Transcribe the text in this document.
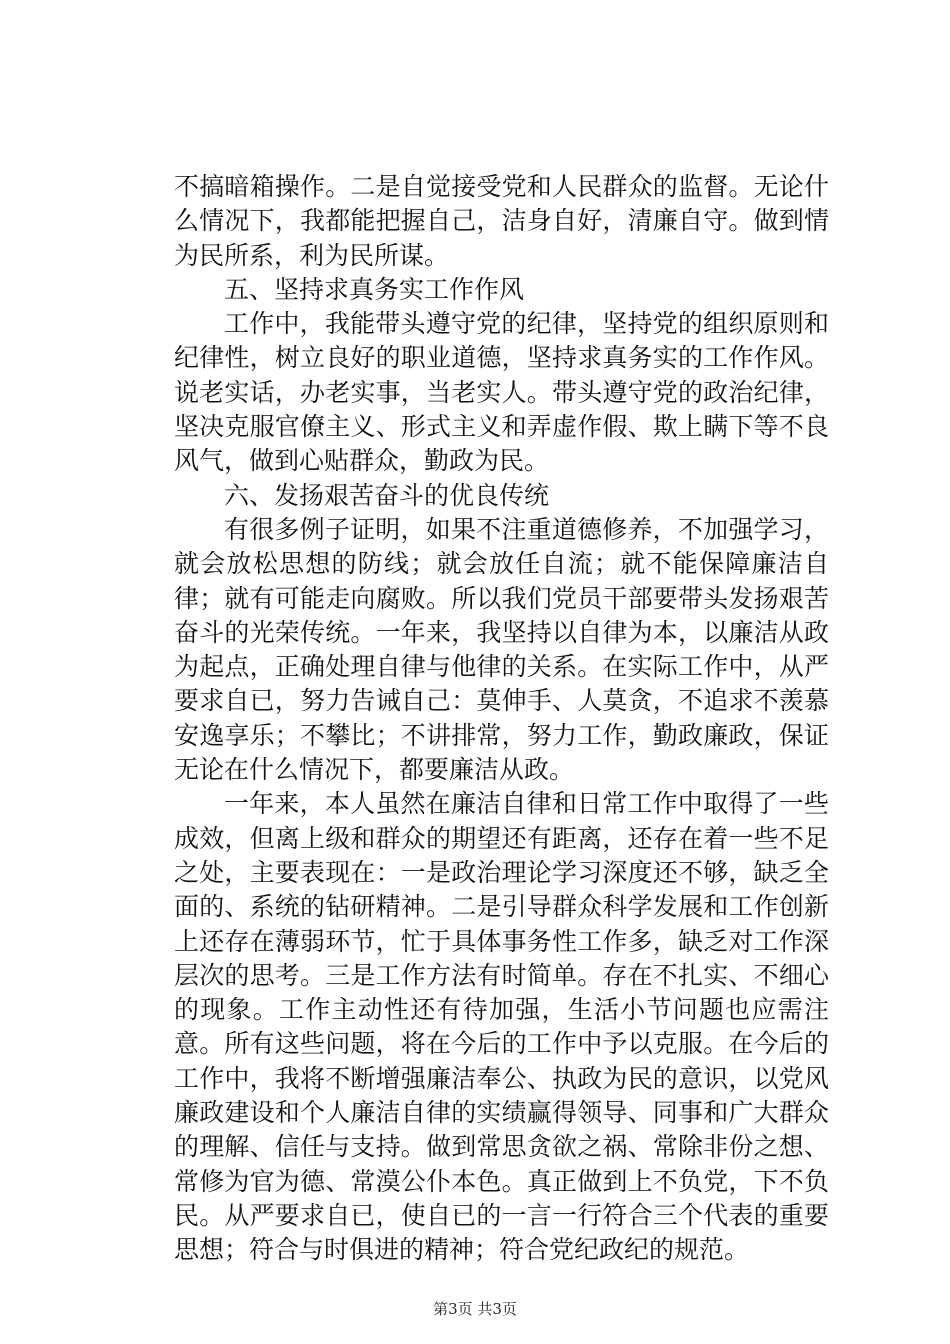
不搞暗箱操作。二是自觉接受党和人民群众的监督。无论什么情况下，我都能把握自己，洁身自好，清廉自守。做到情为民所系，利为民所谋。

五、坚持求真务实工作作风

工作中，我能带头遵守党的纪律，坚持党的组织原则和纪律性，树立良好的职业道德，坚持求真务实的工作作风。说老实话，办老实事，当老实人。带头遵守党的政治纪律，坚决克服官僚主义、形式主义和弄虚作假、欺上瞒下等不良风气，做到心贴群众，勤政为民。

六、发扬艰苦奋斗的优良传统

有很多例子证明，如果不注重道德修养，不加强学习，就会放松思想的防线；就会放任自流；就不能保障廉洁自律；就有可能走向腐败。所以我们党员干部要带头发扬艰苦奋斗的光荣传统。一年来，我坚持以自律为本，以廉洁从政为起点，正确处理自律与他律的关系。在实际工作中，从严要求自已，努力告诫自己：莫伸手、人莫贪，不追求不羡慕安逸享乐；不攀比；不讲排常，努力工作，勤政廉政，保证无论在什么情况下，都要廉洁从政。

一年来，本人虽然在廉洁自律和日常工作中取得了一些成效，但离上级和群众的期望还有距离，还存在着一些不足之处，主要表现在：一是政治理论学习深度还不够，缺乏全面的、系统的钻研精神。二是引导群众科学发展和工作创新上还存在薄弱环节，忙于具体事务性工作多，缺乏对工作深层次的思考。三是工作方法有时简单。存在不扎实、不细心的现象。工作主动性还有待加强，生活小节问题也应需注意。所有这些问题，将在今后的工作中予以克服。在今后的工作中，我将不断增强廉洁奉公、执政为民的意识，以党风廉政建设和个人廉洁自律的实绩赢得领导、同事和广大群众的理解、信任与支持。做到常思贪欲之祸、常除非份之想、常修为官为德、常漠公仆本色。真正做到上不负党，下不负民。从严要求自已，使自已的一言一行符合三个代表的重要思想；符合与时俱进的精神；符合党纪政纪的规范。

第3页 共3页
